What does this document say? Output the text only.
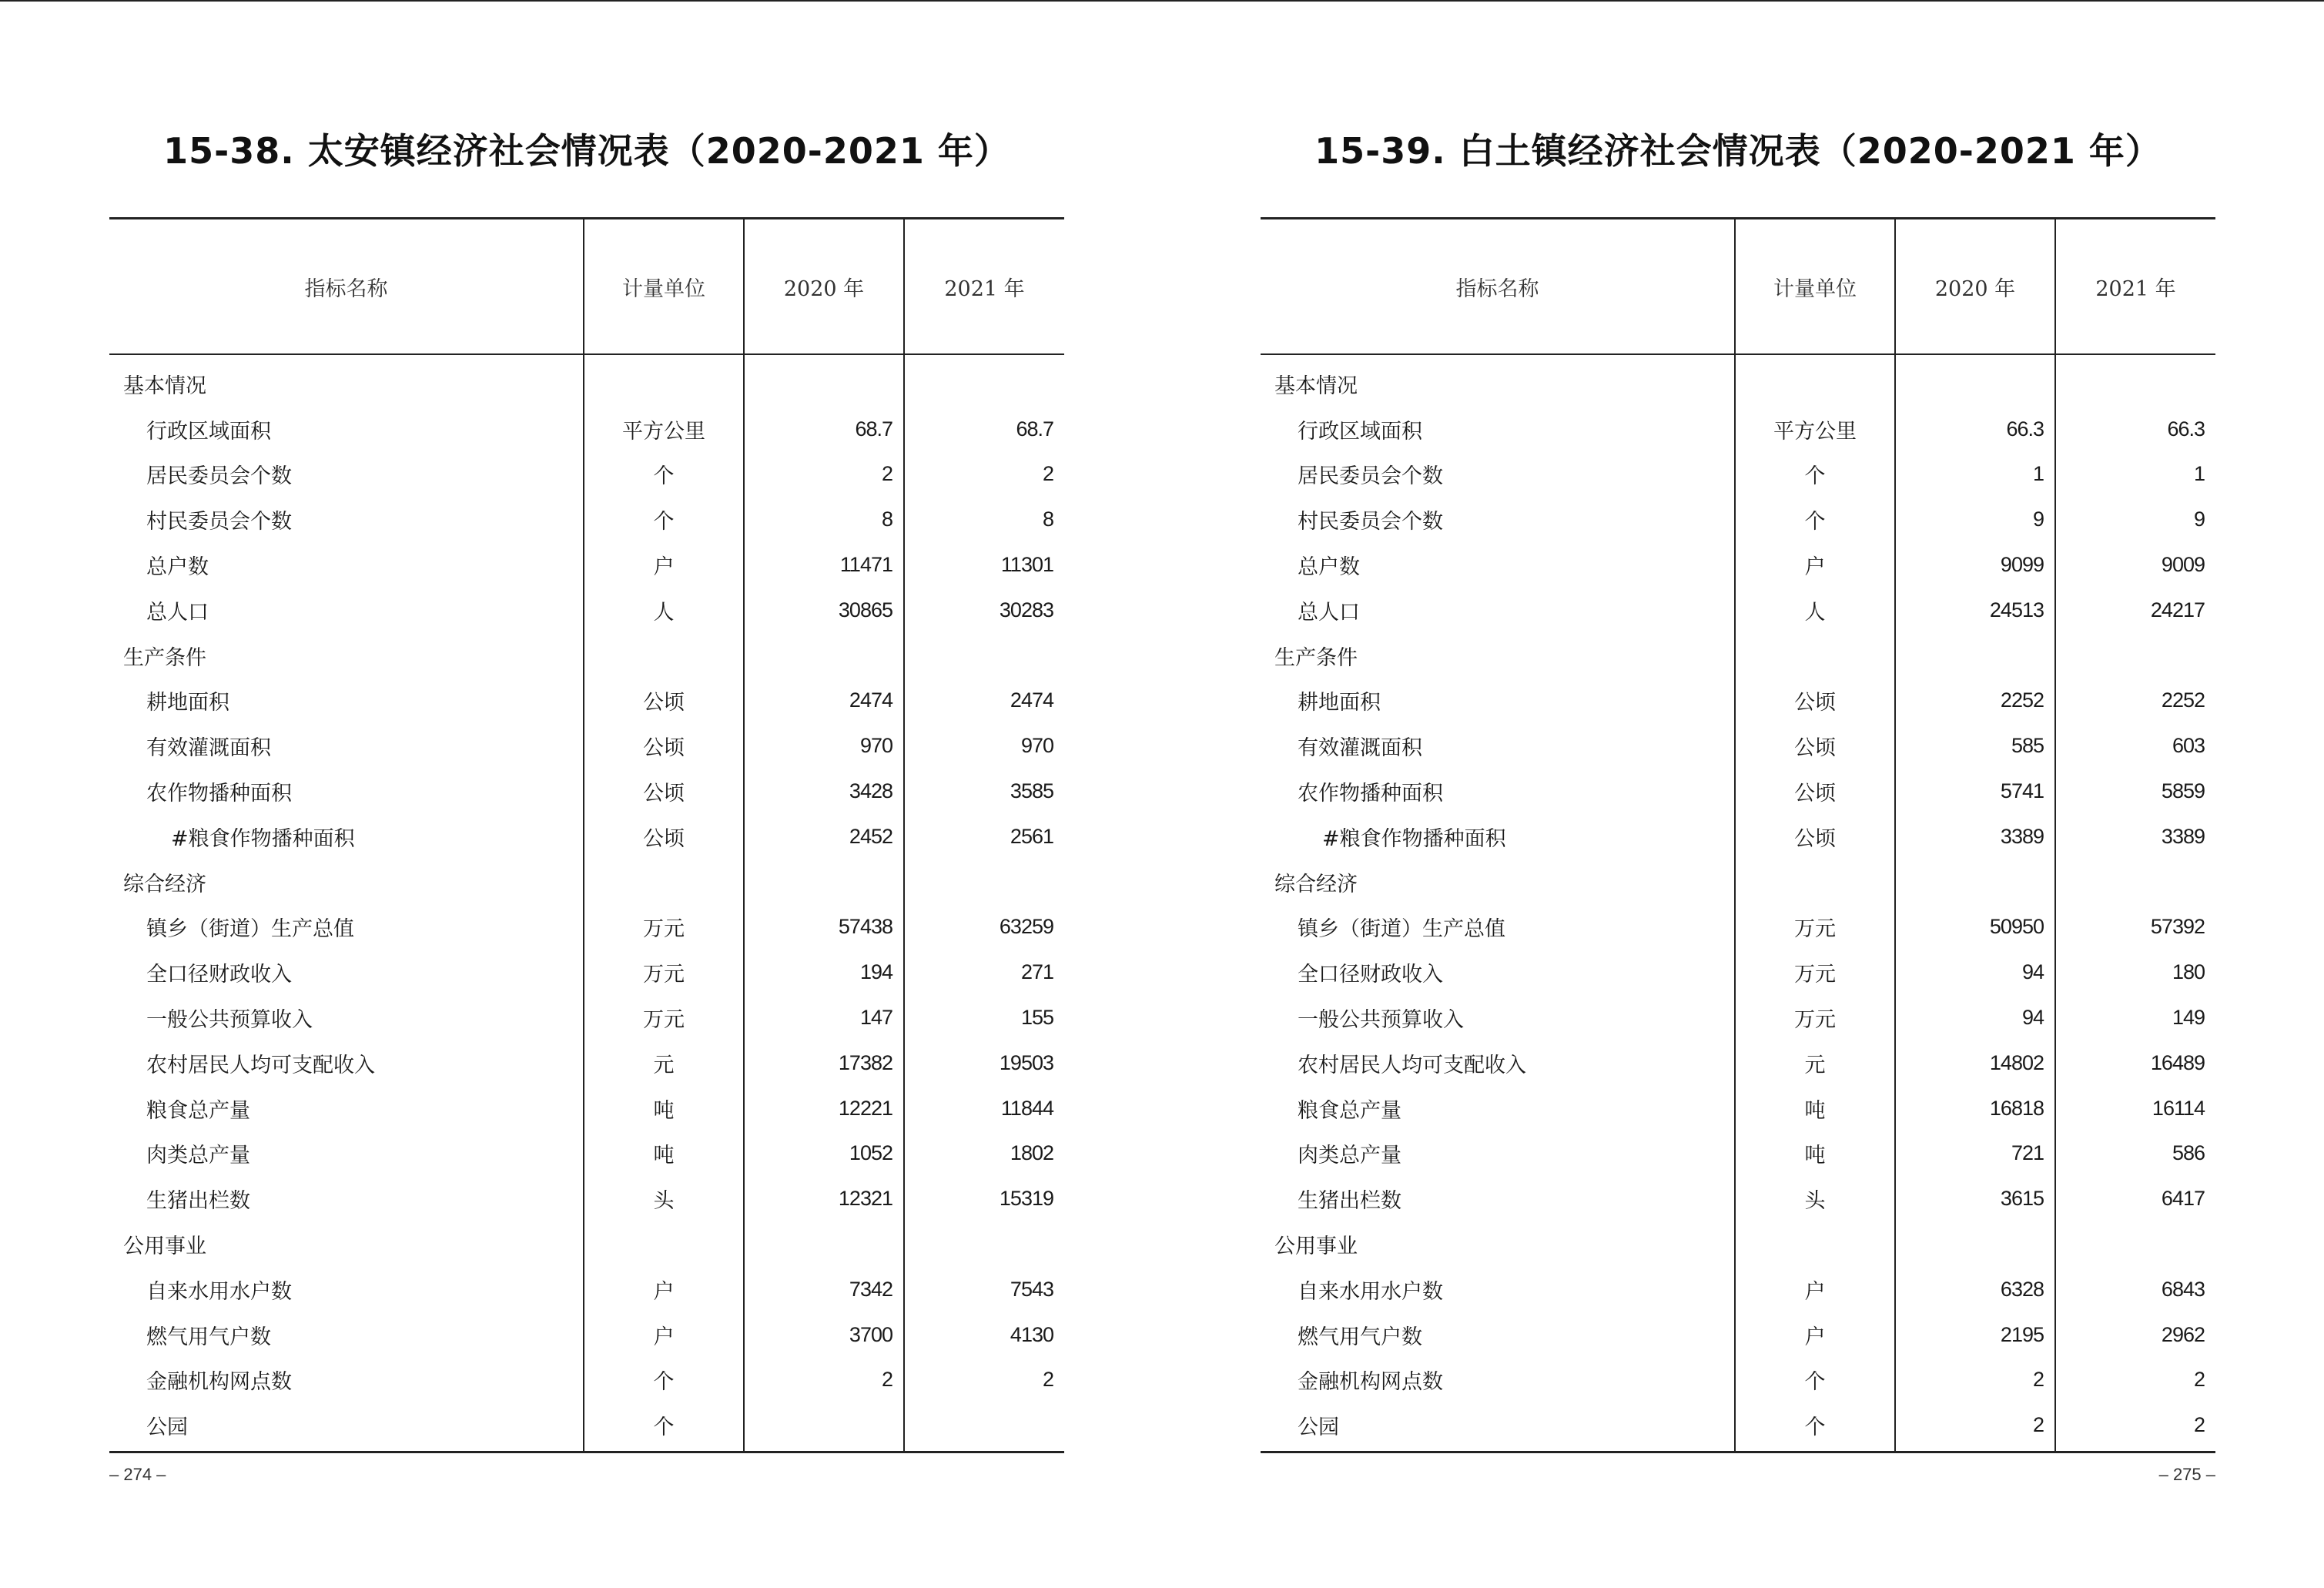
15-38. 太安镇经济社会情况表（2020-2021 年）
指标名称	计量单位	2020 年	2021 年
基本情况			
行政区域面积	平方公里	68.7	68.7
居民委员会个数	个	2	2
村民委员会个数	个	8	8
总户数	户	11471	11301
总人口	人	30865	30283
生产条件			
耕地面积	公顷	2474	2474
有效灌溉面积	公顷	970	970
农作物播种面积	公顷	3428	3585
#粮食作物播种面积	公顷	2452	2561
综合经济			
镇乡（街道）生产总值	万元	57438	63259
全口径财政收入	万元	194	271
一般公共预算收入	万元	147	155
农村居民人均可支配收入	元	17382	19503
粮食总产量	吨	12221	11844
肉类总产量	吨	1052	1802
生猪出栏数	头	12321	15319
公用事业			
自来水用水户数	户	7342	7543
燃气用气户数	户	3700	4130
金融机构网点数	个	2	2
公园	个		
– 274 –
15-39. 白土镇经济社会情况表（2020-2021 年）
指标名称	计量单位	2020 年	2021 年
基本情况			
行政区域面积	平方公里	66.3	66.3
居民委员会个数	个	1	1
村民委员会个数	个	9	9
总户数	户	9099	9009
总人口	人	24513	24217
生产条件			
耕地面积	公顷	2252	2252
有效灌溉面积	公顷	585	603
农作物播种面积	公顷	5741	5859
#粮食作物播种面积	公顷	3389	3389
综合经济			
镇乡（街道）生产总值	万元	50950	57392
全口径财政收入	万元	94	180
一般公共预算收入	万元	94	149
农村居民人均可支配收入	元	14802	16489
粮食总产量	吨	16818	16114
肉类总产量	吨	721	586
生猪出栏数	头	3615	6417
公用事业			
自来水用水户数	户	6328	6843
燃气用气户数	户	2195	2962
金融机构网点数	个	2	2
公园	个	2	2
– 275 –
